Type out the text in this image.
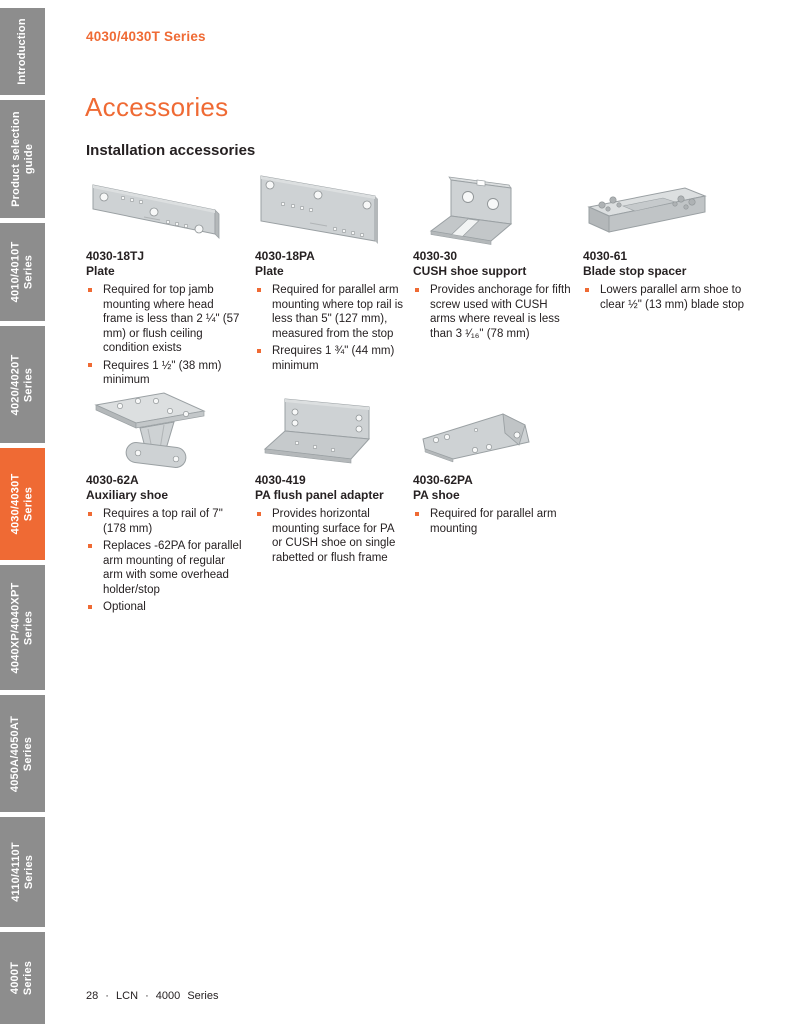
Introduction
Product selection guide
4010/4010T Series
4020/4020T Series
4030/4030T Series
4040XP/4040XPT Series
4050A/4050AT Series
4110/4110T Series
4000T Series
4030/4030T Series
Accessories
Installation accessories
4030-18TJ
Plate
Required for top jamb mounting where head frame is less than 2 ¼" (57 mm) or flush ceiling condition exists
Requires 1 ½" (38 mm) minimum
4030-18PA
Plate
Required for parallel arm mounting where top rail is less than 5" (127 mm), measured from the stop
Rrequires 1 ¾" (44 mm) minimum
4030-30
CUSH shoe support
Provides anchorage for fifth screw used with CUSH arms where reveal is less than 3 ¹⁄₁₆" (78 mm)
4030-61
Blade stop spacer
Lowers parallel arm shoe to clear ½" (13 mm) blade stop
4030-62A
Auxiliary shoe
Requires a top rail of 7" (178 mm)
Replaces -62PA for parallel arm mounting of regular arm with some overhead holder/stop
Optional
4030-419
PA flush panel adapter
Provides horizontal mounting surface for PA or CUSH shoe on single rabetted or flush frame
4030-62PA
PA shoe
Required for parallel arm mounting
28 · LCN · 4000 Series
